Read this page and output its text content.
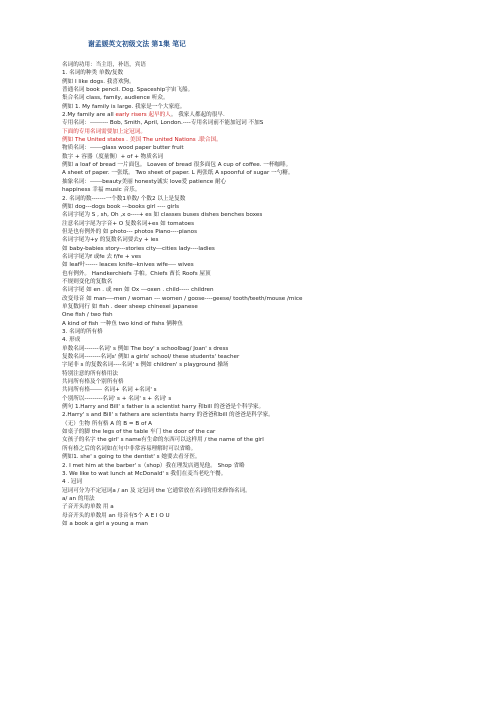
谢孟媛英文初级文法 第1集 笔记
名词的功用：当主语，补语，宾语
1. 名词的种类 单数/复数
例如 I like dogs. 我喜欢狗。
普通名词 book pencil. Dog. Spaceship宇宙飞船。
集合名词 class, family, audience 听众。
例如 1. My family is large. 我家是一个大家庭。
2.My family are all early risers 起早的人。 我家人都起的很早.
专用名词：--------- Bob, Smith, April, London.----专用名词前不能加冠词 不加S
下面的专用名词需要加上定冠词。
例如 The United states . 美国 The united Nations .联合国。
物质名词：------glass wood paper butter fruit
数字 + 容器（度量衡）+ of + 物质名词
例如 a loaf of bread 一片面包。 Loaves of bread 很多面包 A cup of coffee. 一杯咖啡。
A sheet of paper. 一张纸。 Two sheet of paper. L 两张纸 A spoonful of sugar 一勺糖。
抽象名词：------beauty美丽 honesty诚实 love爱 patience 耐心
happiness 幸福 music 音乐。
2. 名词的数-------一个数1单数/ 个数2 以上是复数
例如 dog---dogs book ---books girl ---- girls
名词字尾为 S , sh, Oh ,x o----+ es 如 classes buses dishes benches boxes
注意名词字尾为字音+ O 复数名词+es 如 tomatoes
但是也有例外的 如 photo--- photos Piano----pianos
名词字尾为+y 的复数名词要去y + ies
如 baby-babies story---stories city---cities lady----ladies
名词字尾为f 或fe 去 f/fe + ves
如 leaf叶------ leaces knife--knives wife---- wives
也有例外。 Handkerchiefs 手帕。Chiefs 酋长 Roofs 屋顶
不规则变化的复数名
名词字尾 如 en . 或 ren 如 Ox ---oxen . child----- children
改变母音 如 man----men / woman --- women / goose----geese/ tooth/teeth/mouse /mice
单复数同行 如 fish . deer sheep chinesei japanese
One fish / two fish
A kind of fish 一种鱼 two kind of fishs 俩种鱼
3. 名词的所有格
4. 形成
单数名词-------名词' s 例如 The boy' s schoolbag/ Joan' s dress
复数名词--------名词s' 例如 a girls' school/ these students' teacher
字尾非 s 的复数名词----名词' s 例如 children' s playground 操场
特别注意的所有格用法
共同所有格及个别所有格
共同所有格------ 名词+ 名词 +名词' s
个别所以---------名词' s + 名词' s + 名词' s
例句 1.Harry and Bill' s father is a scientist harry 和bill 的爸爸是个科学家。
2.Harry' s and Bill' s fathers are scientists harry 的爸爸和bill 的爸爸是科学家。
（无）生物 所有格 A 的 B = B of A
如桌子的脚 the legs of the table 车门 the door of the car
女孩子的名字 the girl' s name有生命的东西可以这样用 / the name of the girl
所有格之后的名词如在句中非常容易理解时可以省略。
例如1. she' s going to the dentist' s 她要去看牙医。
2. I met him at the barber' s（shop）我在理发店遇见他。 Shop 省略
3. We like to wat lunch at McDonald' s 我们在麦当老吃午餐。
4 . 冠词
冠词可分为不定冠词a / an 及 定冠词 the 它通常放在名词的用来修饰名词。
a/ an 的用法
子音开头的单数 用 a
母音开头的单数用 an 母音有5个 A E I O U
如 a book a girl a young a man
